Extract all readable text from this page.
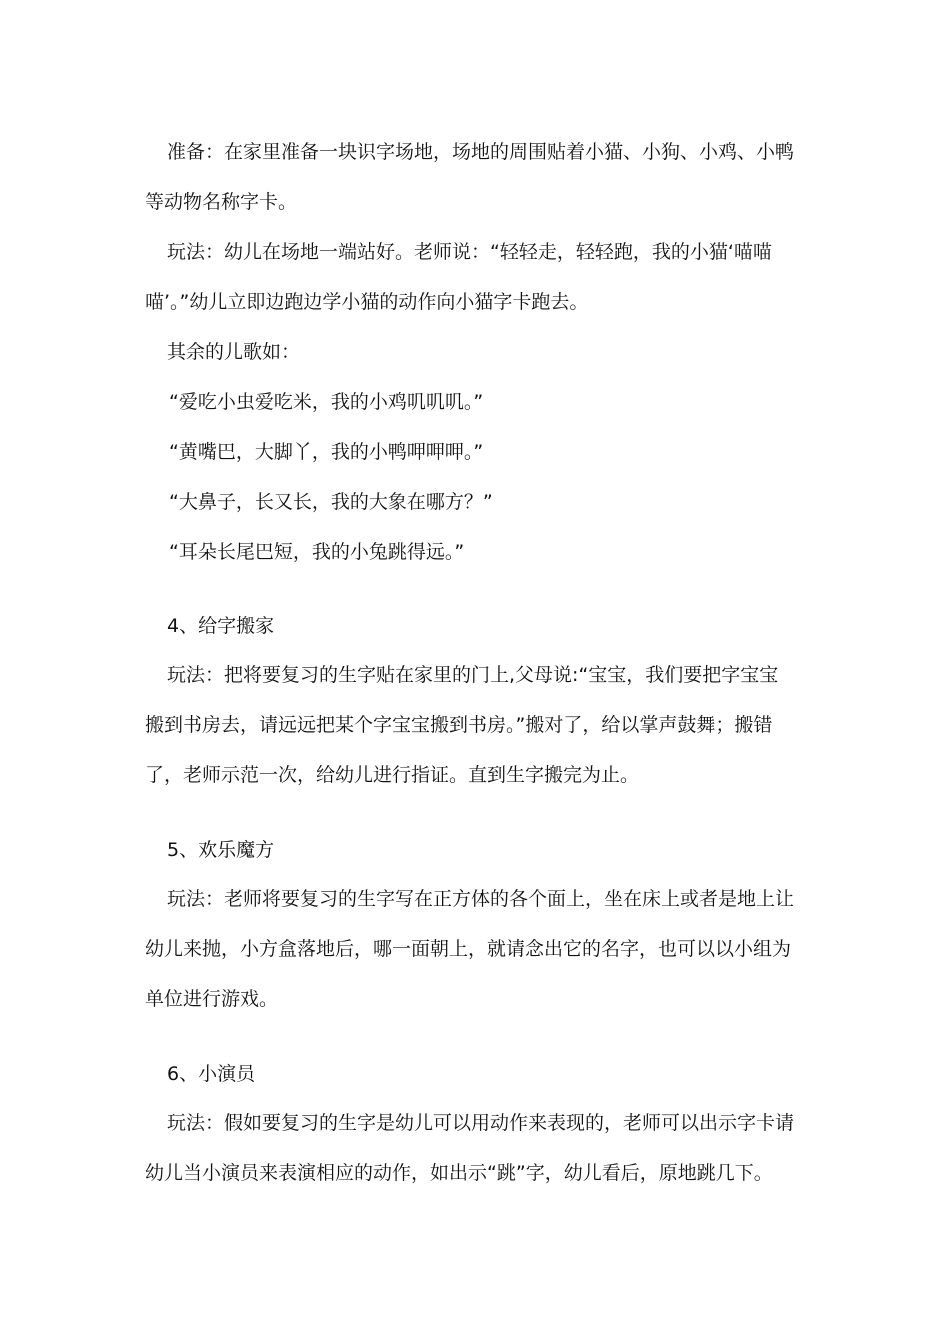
准备：在家里准备一块识字场地，场地的周围贴着小猫、小狗、小鸡、小鸭
等动物名称字卡。
玩法：幼儿在场地一端站好。老师说：“轻轻走，轻轻跑，我的小猫‘喵喵
喵’。”幼儿立即边跑边学小猫的动作向小猫字卡跑去。
其余的儿歌如：
“爱吃小虫爱吃米，我的小鸡叽叽叽。”
“黄嘴巴，大脚丫，我的小鸭呷呷呷。”
“大鼻子，长又长，我的大象在哪方？”
“耳朵长尾巴短，我的小兔跳得远。”
4、给字搬家
玩法：把将要复习的生字贴在家里的门上,父母说:“宝宝，我们要把字宝宝
搬到书房去，请远远把某个字宝宝搬到书房。”搬对了，给以掌声鼓舞；搬错
了，老师示范一次，给幼儿进行指证。直到生字搬完为止。
5、欢乐魔方
玩法：老师将要复习的生字写在正方体的各个面上，坐在床上或者是地上让
幼儿来抛，小方盒落地后，哪一面朝上，就请念出它的名字，也可以以小组为
单位进行游戏。
6、小演员
玩法：假如要复习的生字是幼儿可以用动作来表现的，老师可以出示字卡请
幼儿当小演员来表演相应的动作，如出示“跳”字，幼儿看后，原地跳几下。
